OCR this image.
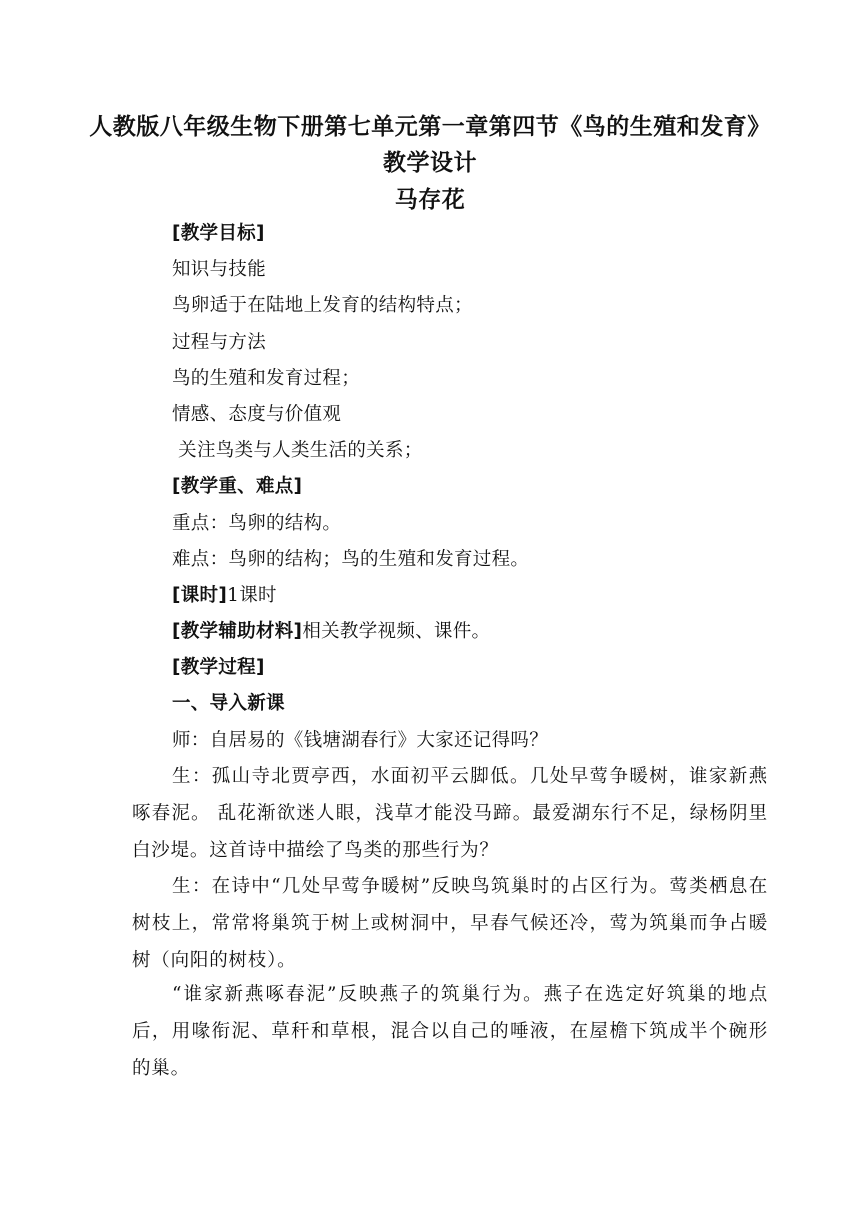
人教版八年级生物下册第七单元第一章第四节《鸟的生殖和发育》
教学设计
马存花
[教学目标]
知识与技能
鸟卵适于在陆地上发育的结构特点；
过程与方法
鸟的生殖和发育过程；
情感、态度与价值观
关注鸟类与人类生活的关系；
[教学重、难点]
重点：鸟卵的结构。
难点：鸟卵的结构；鸟的生殖和发育过程。
[课时]1课时
[教学辅助材料]相关教学视频、课件。
[教学过程]
一、导入新课
师：自居易的《钱塘湖春行》大家还记得吗？
生：孤山寺北贾亭西，水面初平云脚低。几处早莺争暖树，谁家新燕啄春泥。 乱花渐欲迷人眼，浅草才能没马蹄。最爱湖东行不足，绿杨阴里白沙堤。这首诗中描绘了鸟类的那些行为？
生：在诗中“几处早莺争暖树”反映鸟筑巢时的占区行为。莺类栖息在树枝上，常常将巢筑于树上或树洞中，早春气候还冷，莺为筑巢而争占暖树（向阳的树枝）。
“谁家新燕啄春泥”反映燕子的筑巢行为。燕子在选定好筑巢的地点后，用喙衔泥、草秆和草根，混合以自己的唾液，在屋檐下筑成半个碗形的巢。
